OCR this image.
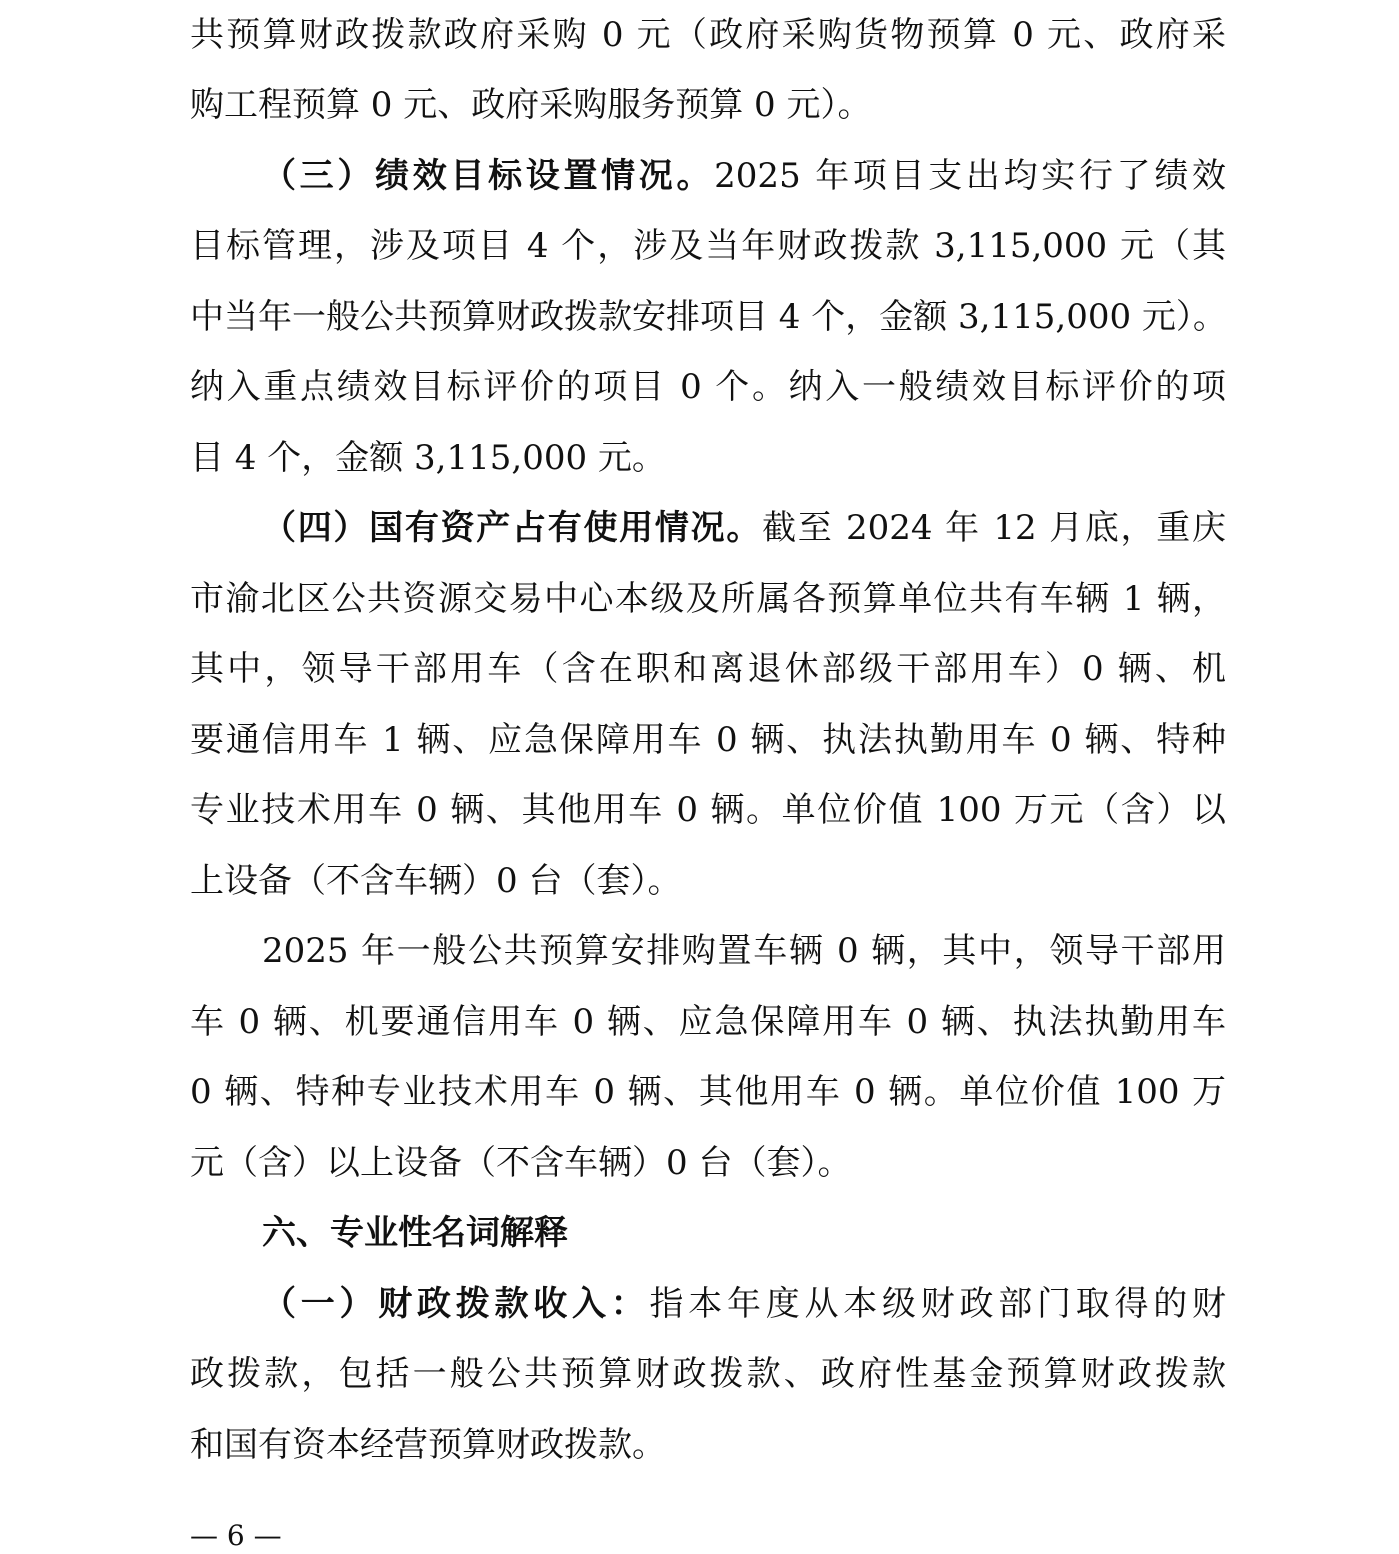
共预算财政拨款政府采购 0 元（政府采购货物预算 0 元、政府采
购工程预算 0 元、政府采购服务预算 0 元）。
（三）绩效目标设置情况。2025 年项目支出均实行了绩效
目标管理，涉及项目 4 个，涉及当年财政拨款 3,115,000 元（其
中当年一般公共预算财政拨款安排项目 4 个，金额 3,115,000 元）。
纳入重点绩效目标评价的项目 0 个。纳入一般绩效目标评价的项
目 4 个，金额 3,115,000 元。
（四）国有资产占有使用情况。截至 2024 年 12 月底，重庆
市渝北区公共资源交易中心本级及所属各预算单位共有车辆 1 辆，
其中，领导干部用车（含在职和离退休部级干部用车）0 辆、机
要通信用车 1 辆、应急保障用车 0 辆、执法执勤用车 0 辆、特种
专业技术用车 0 辆、其他用车 0 辆。单位价值 100 万元（含）以
上设备（不含车辆）0 台（套）。
2025 年一般公共预算安排购置车辆 0 辆，其中，领导干部用
车 0 辆、机要通信用车 0 辆、应急保障用车 0 辆、执法执勤用车
0 辆、特种专业技术用车 0 辆、其他用车 0 辆。单位价值 100 万
元（含）以上设备（不含车辆）0 台（套）。
六、专业性名词解释
（一）财政拨款收入：指本年度从本级财政部门取得的财
政拨款，包括一般公共预算财政拨款、政府性基金预算财政拨款
和国有资本经营预算财政拨款。
— 6 —
